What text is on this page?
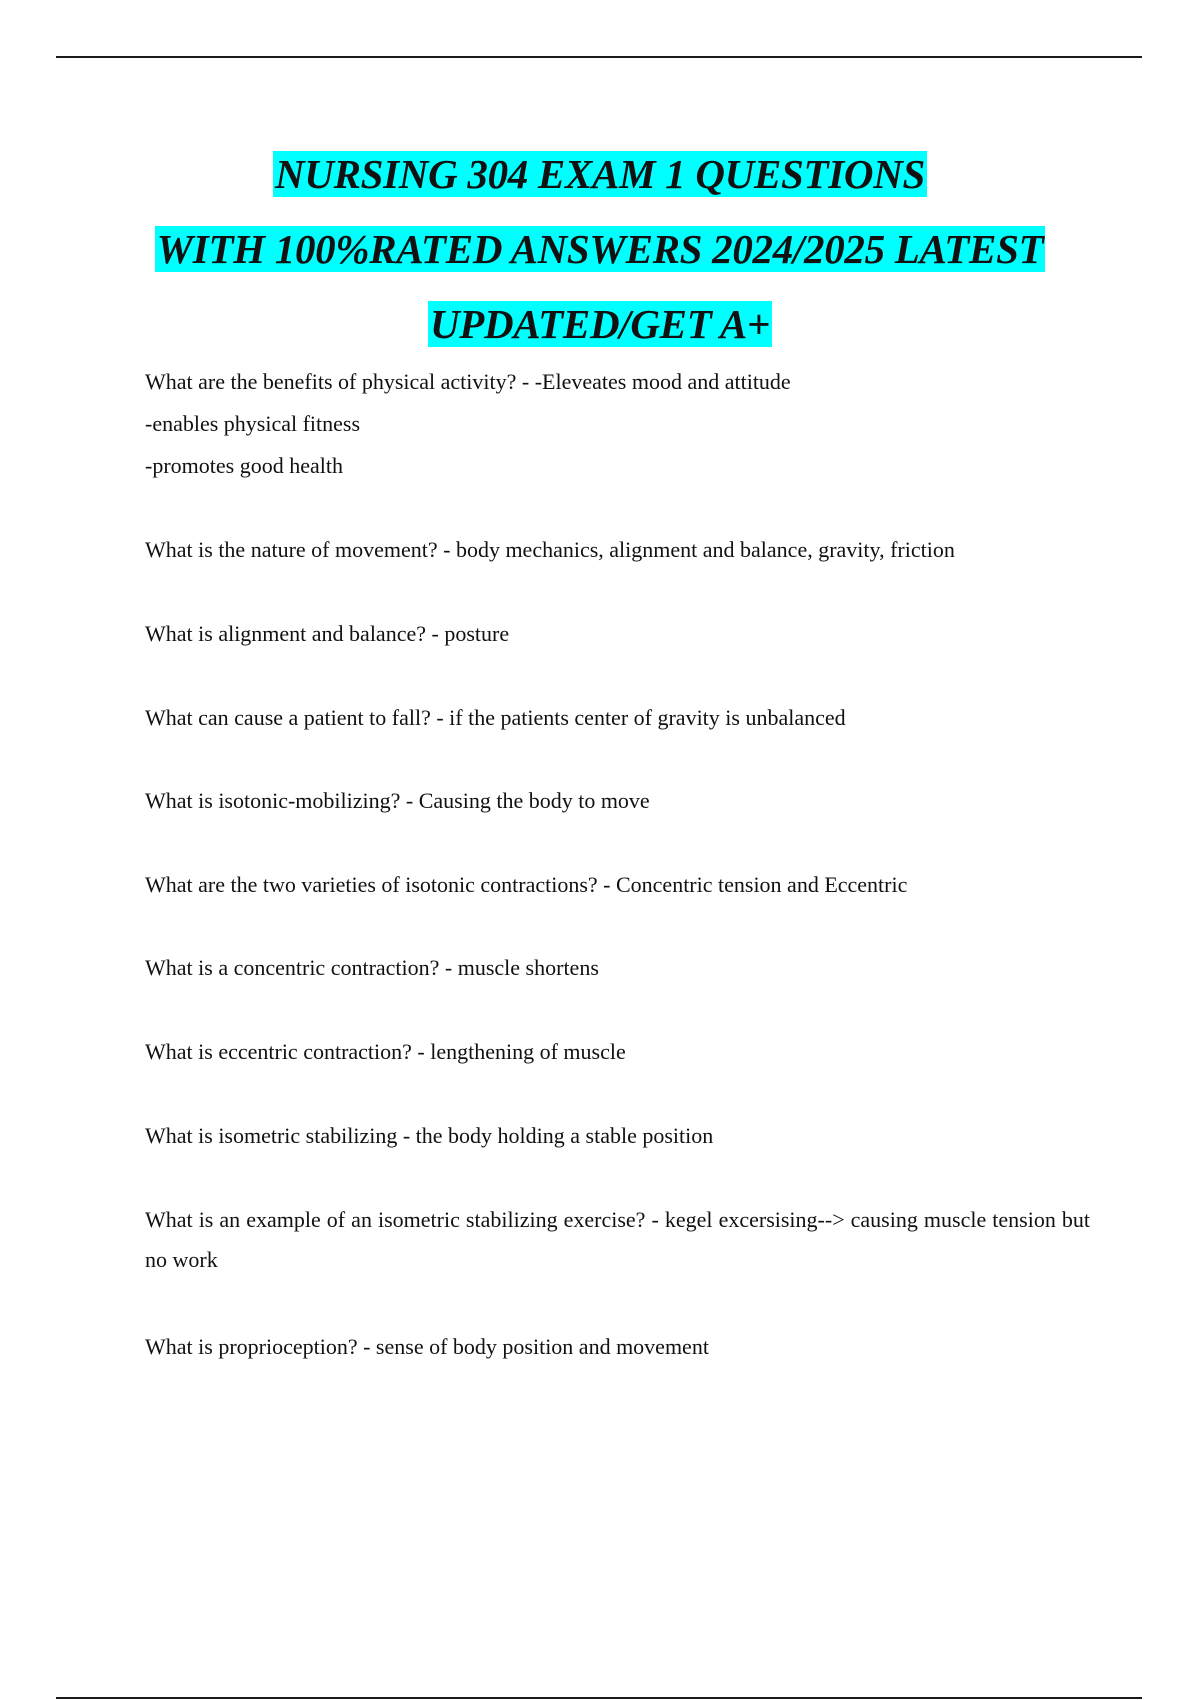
NURSING 304 EXAM 1 QUESTIONS
WITH 100%RATED ANSWERS 2024/2025 LATEST
UPDATED/GET A+
What are the benefits of physical activity? - -Eleveates mood and attitude
-enables physical fitness
-promotes good health
What is the nature of movement? - body mechanics, alignment and balance, gravity, friction
What is alignment and balance? - posture
What can cause a patient to fall? - if the patients center of gravity is unbalanced
What is isotonic-mobilizing? - Causing the body to move
What are the two varieties of isotonic contractions? - Concentric tension and Eccentric
What is a concentric contraction? - muscle shortens
What is eccentric contraction? - lengthening of muscle
What is isometric stabilizing - the body holding a stable position
What is an example of an isometric stabilizing exercise? - kegel excersising--> causing muscle tension but no work
What is proprioception? - sense of body position and movement
